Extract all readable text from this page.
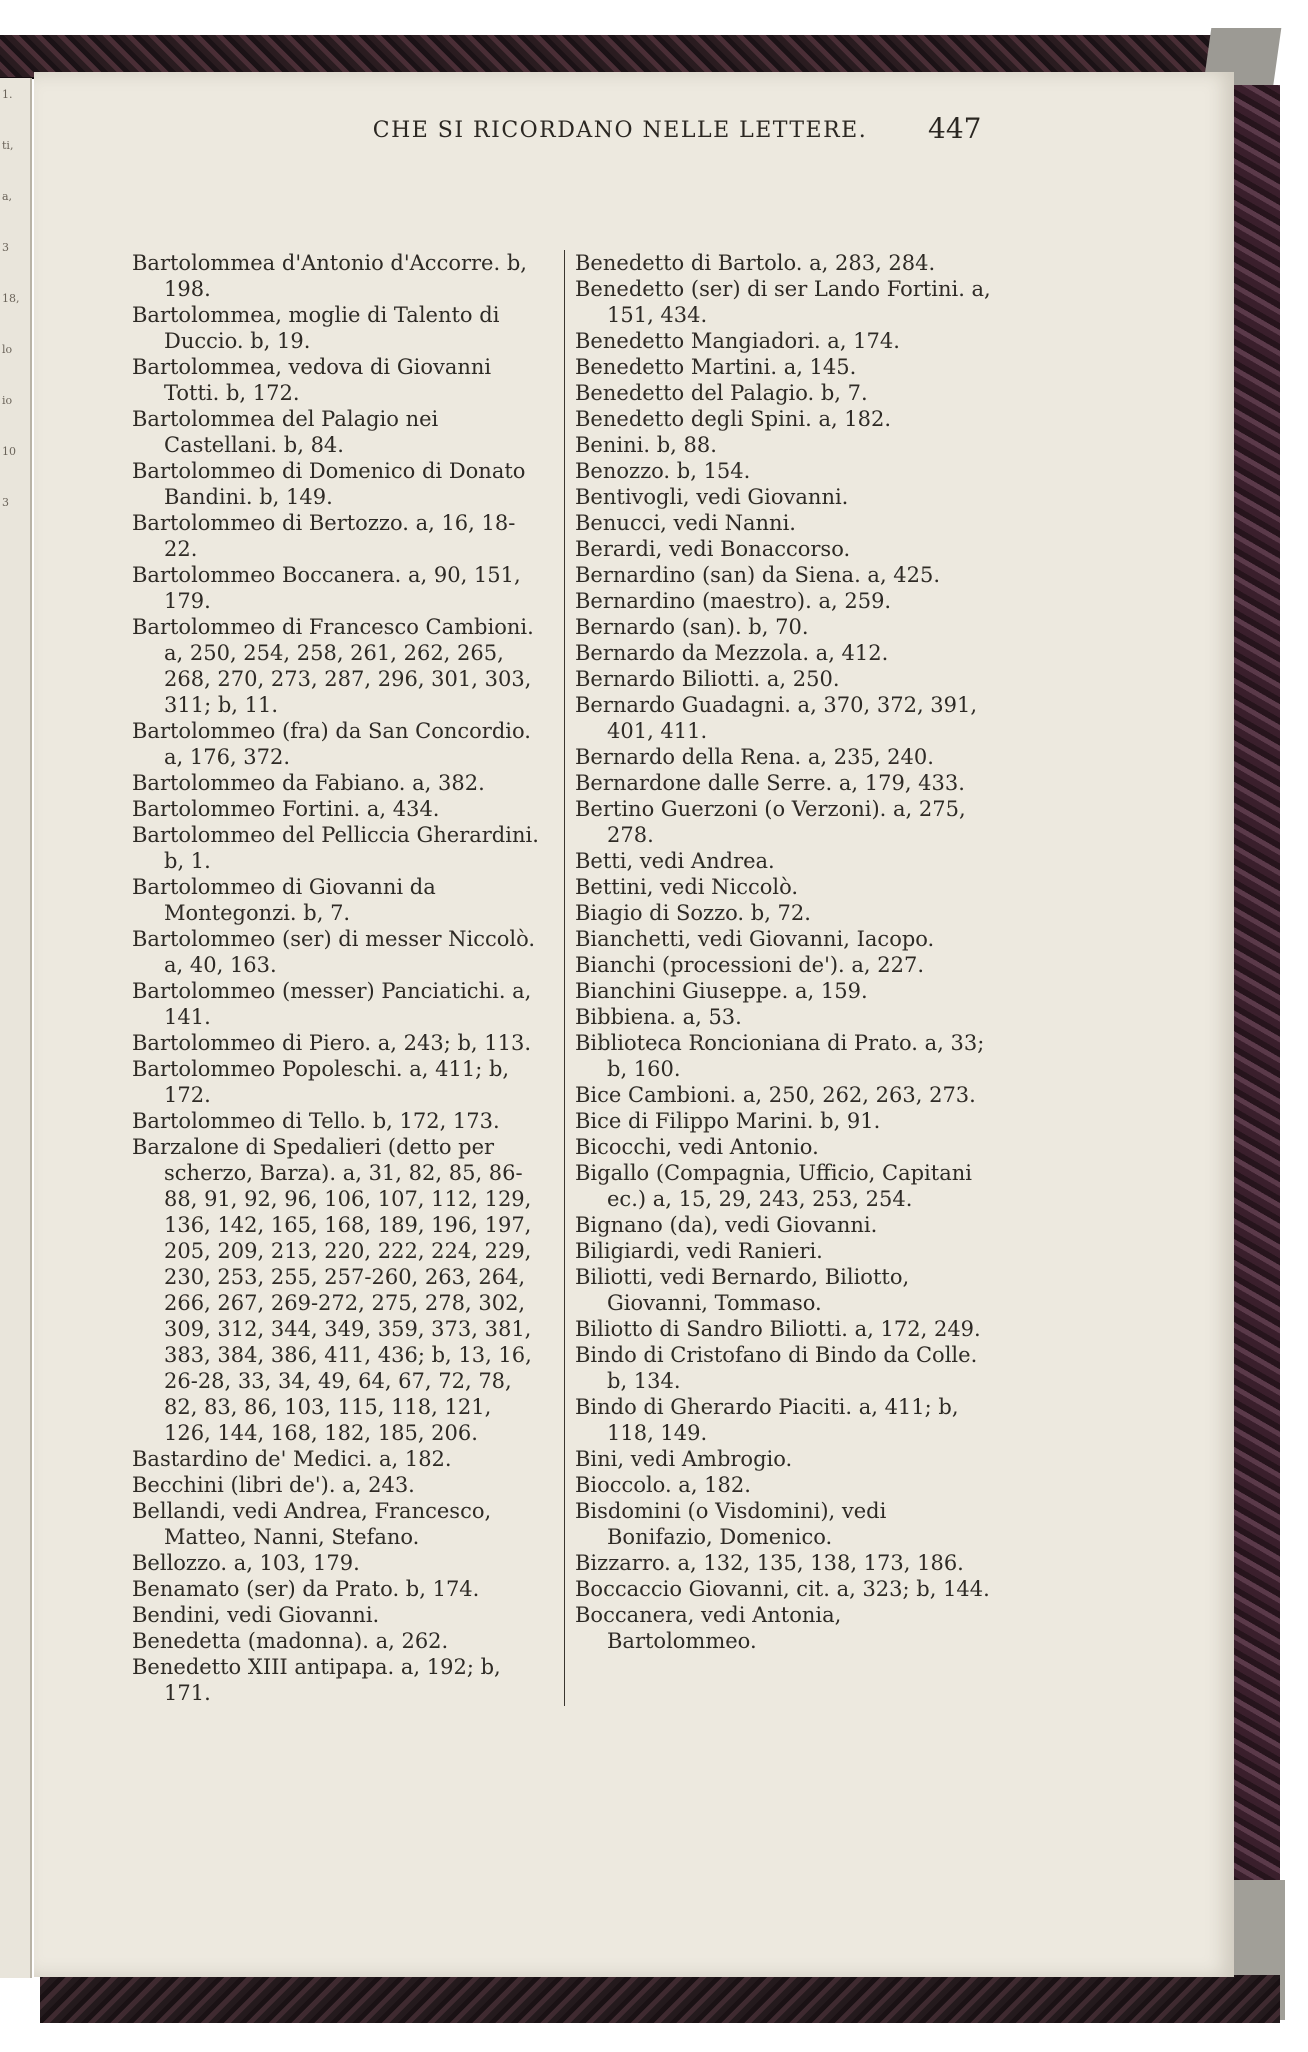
1.
ti,
a,
3
18,
lo
io
10
3
CHE SI RICORDANO NELLE LETTERE.	447

Bartolommea d'Antonio d'Accorre. b, 198.

Bartolommea, moglie di Talento di Duccio. b, 19.

Bartolommea, vedova di Giovanni Totti. b, 172.

Bartolommea del Palagio nei Castellani. b, 84.

Bartolommeo di Domenico di Donato Bandini. b, 149.

Bartolommeo di Bertozzo. a, 16, 18-22.

Bartolommeo Boccanera. a, 90, 151, 179.

Bartolommeo di Francesco Cambioni. a, 250, 254, 258, 261, 262, 265, 268, 270, 273, 287, 296, 301, 303, 311; b, 11.

Bartolommeo (fra) da San Concordio. a, 176, 372.

Bartolommeo da Fabiano. a, 382.

Bartolommeo Fortini. a, 434.

Bartolommeo del Pelliccia Gherardini. b, 1.

Bartolommeo di Giovanni da Montegonzi. b, 7.

Bartolommeo (ser) di messer Niccolò. a, 40, 163.

Bartolommeo (messer) Panciatichi. a, 141.

Bartolommeo di Piero. a, 243; b, 113.

Bartolommeo Popoleschi. a, 411; b, 172.

Bartolommeo di Tello. b, 172, 173.

Barzalone di Spedalieri (detto per scherzo, Barza). a, 31, 82, 85, 86-88, 91, 92, 96, 106, 107, 112, 129, 136, 142, 165, 168, 189, 196, 197, 205, 209, 213, 220, 222, 224, 229, 230, 253, 255, 257-260, 263, 264, 266, 267, 269-272, 275, 278, 302, 309, 312, 344, 349, 359, 373, 381, 383, 384, 386, 411, 436; b, 13, 16, 26-28, 33, 34, 49, 64, 67, 72, 78, 82, 83, 86, 103, 115, 118, 121, 126, 144, 168, 182, 185, 206.

Bastardino de' Medici. a, 182.

Becchini (libri de'). a, 243.

Bellandi, vedi Andrea, Francesco, Matteo, Nanni, Stefano.

Bellozzo. a, 103, 179.

Benamato (ser) da Prato. b, 174.

Bendini, vedi Giovanni.

Benedetta (madonna). a, 262.

Benedetto XIII antipapa. a, 192; b, 171.

Benedetto di Bartolo. a, 283, 284.

Benedetto (ser) di ser Lando Fortini. a, 151, 434.

Benedetto Mangiadori. a, 174.

Benedetto Martini. a, 145.

Benedetto del Palagio. b, 7.

Benedetto degli Spini. a, 182.

Benini. b, 88.

Benozzo. b, 154.

Bentivogli, vedi Giovanni.

Benucci, vedi Nanni.

Berardi, vedi Bonaccorso.

Bernardino (san) da Siena. a, 425.

Bernardino (maestro). a, 259.

Bernardo (san). b, 70.

Bernardo da Mezzola. a, 412.

Bernardo Biliotti. a, 250.

Bernardo Guadagni. a, 370, 372, 391, 401, 411.

Bernardo della Rena. a, 235, 240.

Bernardone dalle Serre. a, 179, 433.

Bertino Guerzoni (o Verzoni). a, 275, 278.

Betti, vedi Andrea.

Bettini, vedi Niccolò.

Biagio di Sozzo. b, 72.

Bianchetti, vedi Giovanni, Iacopo.

Bianchi (processioni de'). a, 227.

Bianchini Giuseppe. a, 159.

Bibbiena. a, 53.

Biblioteca Roncioniana di Prato. a, 33; b, 160.

Bice Cambioni. a, 250, 262, 263, 273.

Bice di Filippo Marini. b, 91.

Bicocchi, vedi Antonio.

Bigallo (Compagnia, Ufficio, Capitani ec.) a, 15, 29, 243, 253, 254.

Bignano (da), vedi Giovanni.

Biligiardi, vedi Ranieri.

Biliotti, vedi Bernardo, Biliotto, Giovanni, Tommaso.

Biliotto di Sandro Biliotti. a, 172, 249.

Bindo di Cristofano di Bindo da Colle. b, 134.

Bindo di Gherardo Piaciti. a, 411; b, 118, 149.

Bini, vedi Ambrogio.

Bioccolo. a, 182.

Bisdomini (o Visdomini), vedi Bonifazio, Domenico.

Bizzarro. a, 132, 135, 138, 173, 186.

Boccaccio Giovanni, cit. a, 323; b, 144.

Boccanera, vedi Antonia, Bartolommeo.
